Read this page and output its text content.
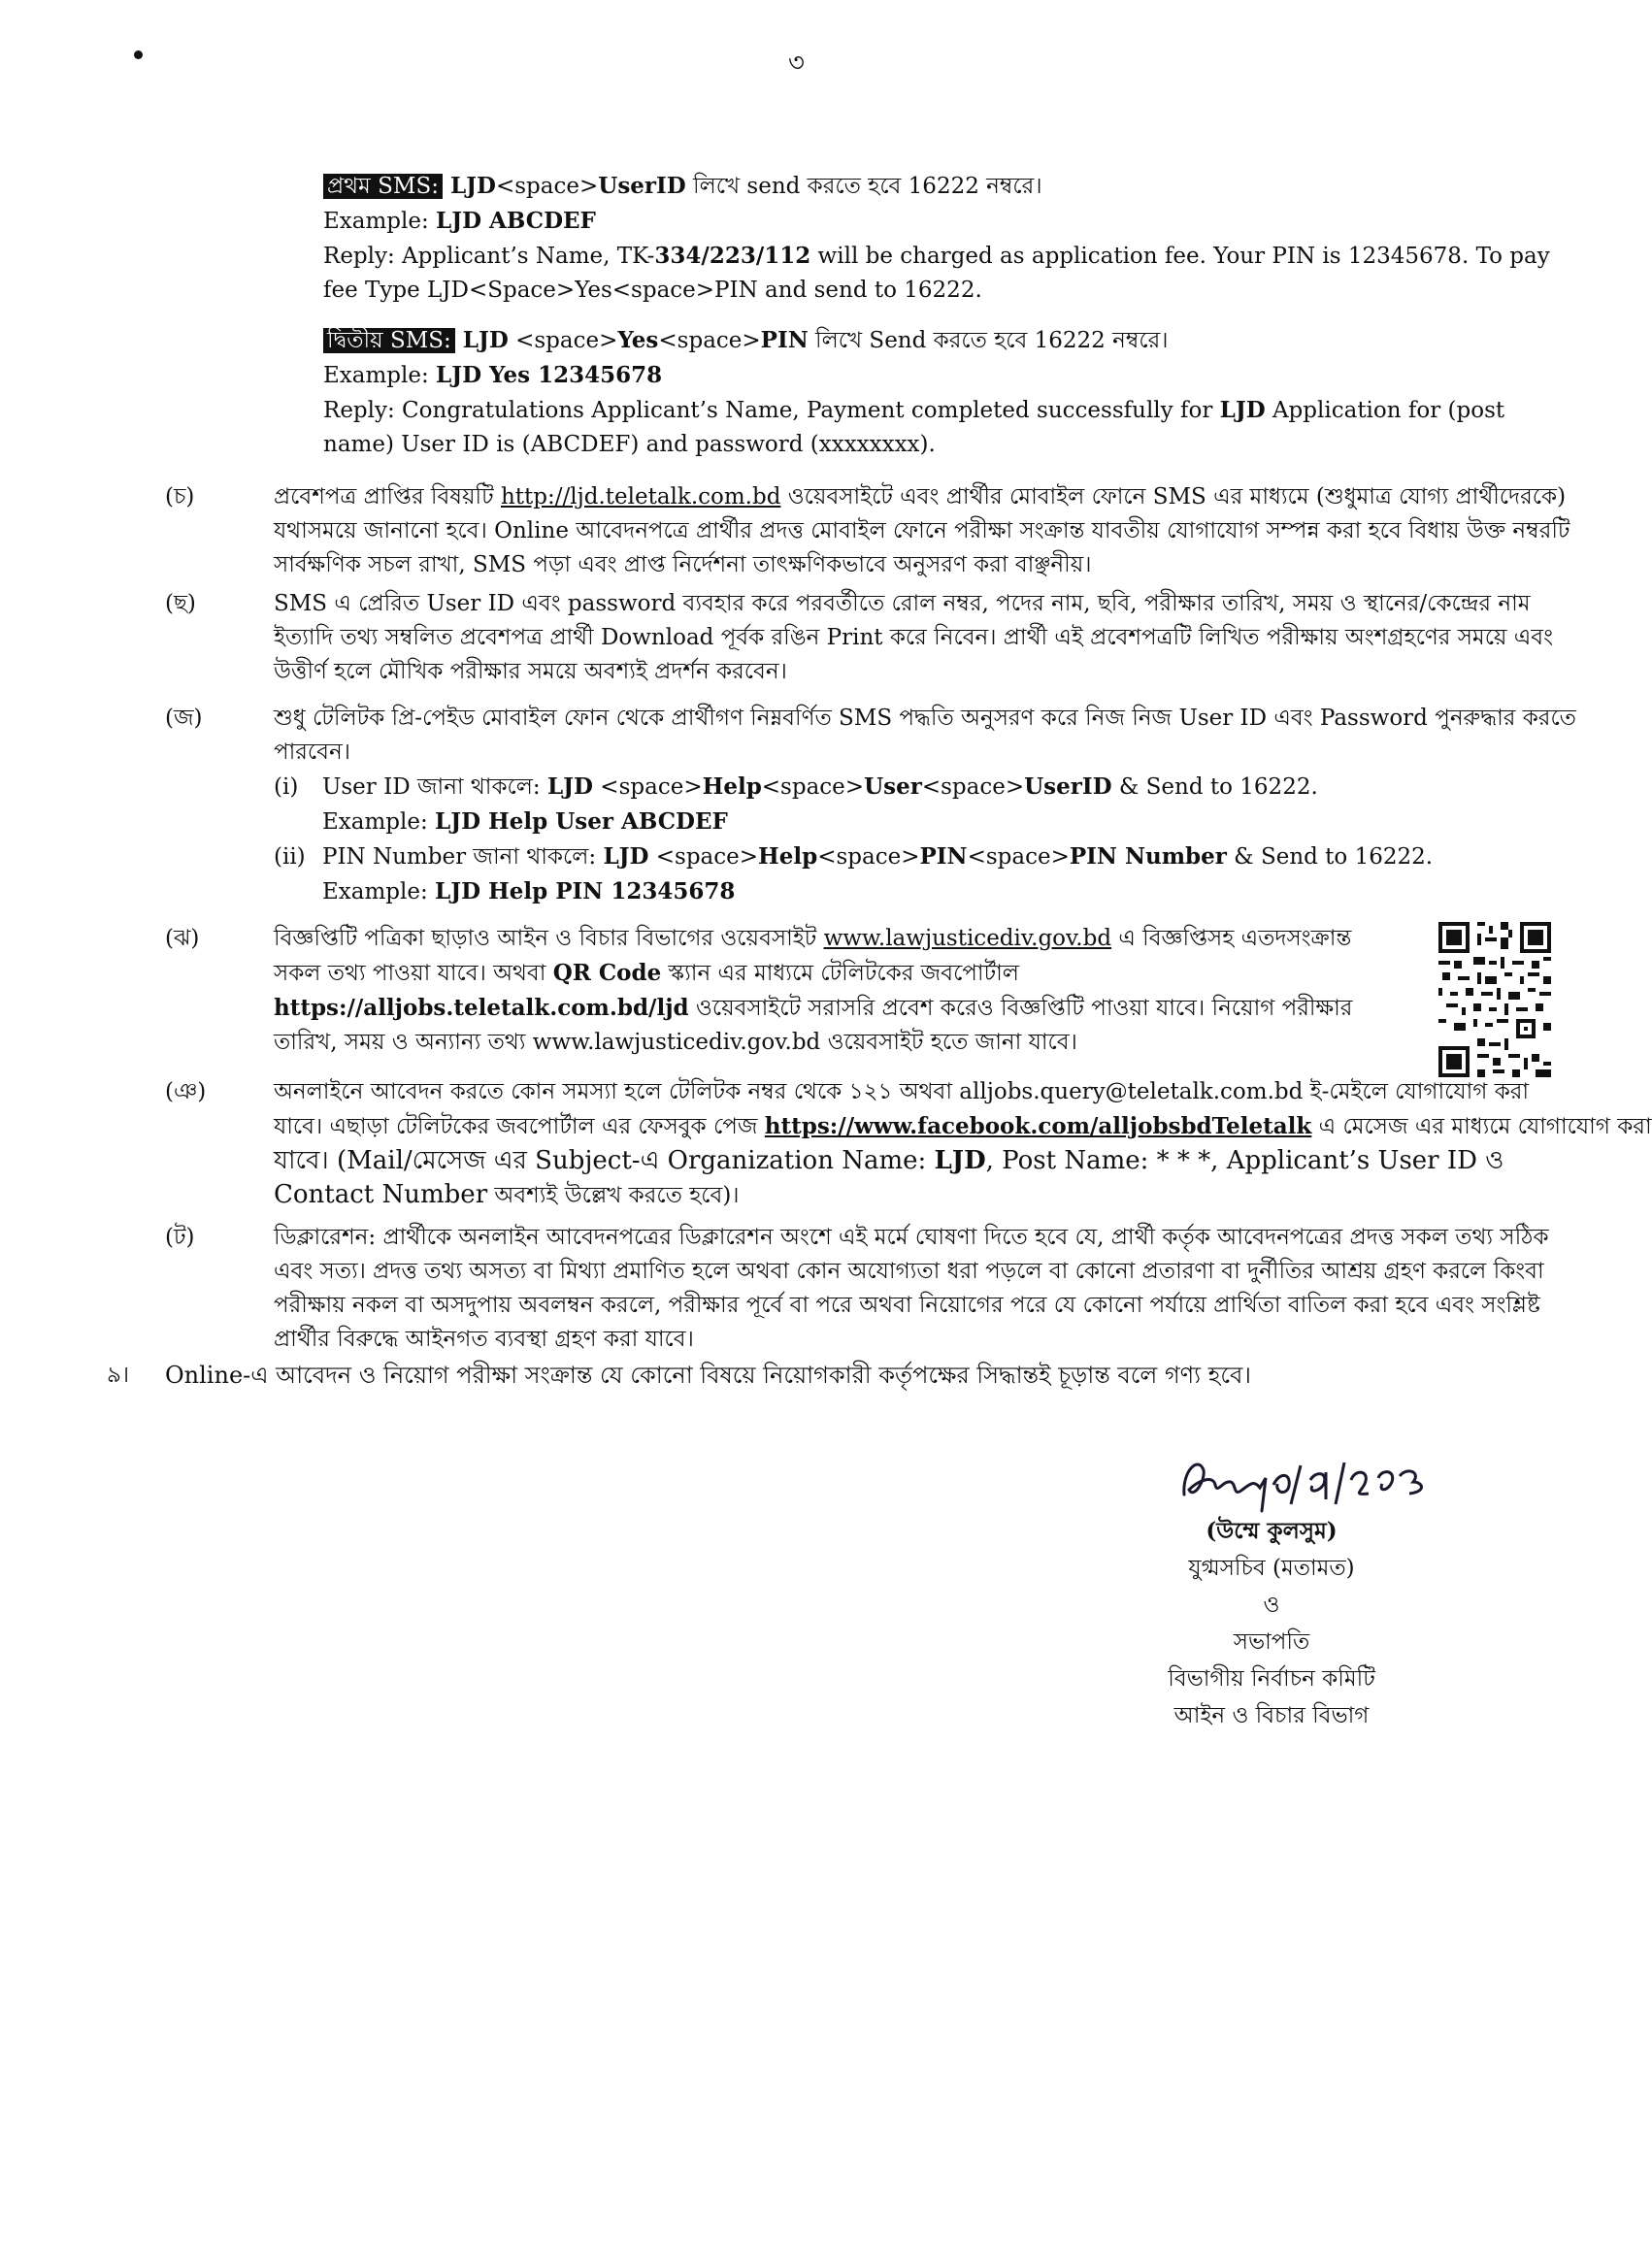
৩
প্রথম SMS: LJD<space>UserID লিখে send করতে হবে 16222 নম্বরে।
Example: LJD ABCDEF
Reply: Applicant’s Name, TK-334/223/112 will be charged as application fee. Your PIN is 12345678. To pay
fee Type LJD<Space>Yes<space>PIN and send to 16222.
দ্বিতীয় SMS: LJD <space>Yes<space>PIN লিখে Send করতে হবে 16222 নম্বরে।
Example: LJD Yes 12345678
Reply: Congratulations Applicant’s Name, Payment completed successfully for LJD Application for (post
name) User ID is (ABCDEF) and password (xxxxxxxx).
(চ)	প্রবেশপত্র প্রাপ্তির বিষয়টি http://ljd.teletalk.com.bd ওয়েবসাইটে এবং প্রার্থীর মোবাইল ফোনে SMS এর মাধ্যমে (শুধুমাত্র যোগ্য প্রার্থীদেরকে)
যথাসময়ে জানানো হবে। Online আবেদনপত্রে প্রার্থীর প্রদত্ত মোবাইল ফোনে পরীক্ষা সংক্রান্ত যাবতীয় যোগাযোগ সম্পন্ন করা হবে বিধায় উক্ত নম্বরটি
সার্বক্ষণিক সচল রাখা, SMS পড়া এবং প্রাপ্ত নির্দেশনা তাৎক্ষণিকভাবে অনুসরণ করা বাঞ্ছনীয়।
(ছ)	SMS এ প্রেরিত User ID এবং password ব্যবহার করে পরবর্তীতে রোল নম্বর, পদের নাম, ছবি, পরীক্ষার তারিখ, সময় ও স্থানের/কেন্দ্রের নাম
ইত্যাদি তথ্য সম্বলিত প্রবেশপত্র প্রার্থী Download পূর্বক রঙিন Print করে নিবেন। প্রার্থী এই প্রবেশপত্রটি লিখিত পরীক্ষায় অংশগ্রহণের সময়ে এবং
উত্তীর্ণ হলে মৌখিক পরীক্ষার সময়ে অবশ্যই প্রদর্শন করবেন।
(জ)	শুধু টেলিটক প্রি-পেইড মোবাইল ফোন থেকে প্রার্থীগণ নিম্নবর্ণিত SMS পদ্ধতি অনুসরণ করে নিজ নিজ User ID এবং Password পুনরুদ্ধার করতে
পারবেন।
(i) User ID জানা থাকলে: LJD <space>Help<space>User<space>UserID & Send to 16222.
Example: LJD Help User ABCDEF
(ii) PIN Number জানা থাকলে: LJD <space>Help<space>PIN<space>PIN Number & Send to 16222.
Example: LJD Help PIN 12345678
(ঝ)	বিজ্ঞপ্তিটি পত্রিকা ছাড়াও আইন ও বিচার বিভাগের ওয়েবসাইট www.lawjusticediv.gov.bd এ বিজ্ঞপ্তিসহ এতদসংক্রান্ত
সকল তথ্য পাওয়া যাবে। অথবা QR Code স্ক্যান এর মাধ্যমে টেলিটকের জবপোর্টাল
https://alljobs.teletalk.com.bd/ljd ওয়েবসাইটে সরাসরি প্রবেশ করেও বিজ্ঞপ্তিটি পাওয়া যাবে। নিয়োগ পরীক্ষার
তারিখ, সময় ও অন্যান্য তথ্য www.lawjusticediv.gov.bd ওয়েবসাইট হতে জানা যাবে।
(ঞ)	অনলাইনে আবেদন করতে কোন সমস্যা হলে টেলিটক নম্বর থেকে ১২১ অথবা alljobs.query@teletalk.com.bd ই-মেইলে যোগাযোগ করা
যাবে। এছাড়া টেলিটকের জবপোর্টাল এর ফেসবুক পেজ https://www.facebook.com/alljobsbdTeletalk এ মেসেজ এর মাধ্যমে যোগাযোগ করা
যাবে। (Mail/মেসেজ এর Subject-এ Organization Name: LJD, Post Name: * * *, Applicant’s User ID ও
Contact Number অবশ্যই উল্লেখ করতে হবে)।
(ট)	ডিক্লারেশন: প্রার্থীকে অনলাইন আবেদনপত্রের ডিক্লারেশন অংশে এই মর্মে ঘোষণা দিতে হবে যে, প্রার্থী কর্তৃক আবেদনপত্রের প্রদত্ত সকল তথ্য সঠিক
এবং সত্য। প্রদত্ত তথ্য অসত্য বা মিথ্যা প্রমাণিত হলে অথবা কোন অযোগ্যতা ধরা পড়লে বা কোনো প্রতারণা বা দুর্নীতির আশ্রয় গ্রহণ করলে কিংবা
পরীক্ষায় নকল বা অসদুপায় অবলম্বন করলে, পরীক্ষার পূর্বে বা পরে অথবা নিয়োগের পরে যে কোনো পর্যায়ে প্রার্থিতা বাতিল করা হবে এবং সংশ্লিষ্ট
প্রার্থীর বিরুদ্ধে আইনগত ব্যবস্থা গ্রহণ করা যাবে।
৯। Online-এ আবেদন ও নিয়োগ পরীক্ষা সংক্রান্ত যে কোনো বিষয়ে নিয়োগকারী কর্তৃপক্ষের সিদ্ধান্তই চূড়ান্ত বলে গণ্য হবে।
(উম্মে কুলসুম)
যুগ্মসচিব (মতামত)
ও
সভাপতি
বিভাগীয় নির্বাচন কমিটি
আইন ও বিচার বিভাগ
